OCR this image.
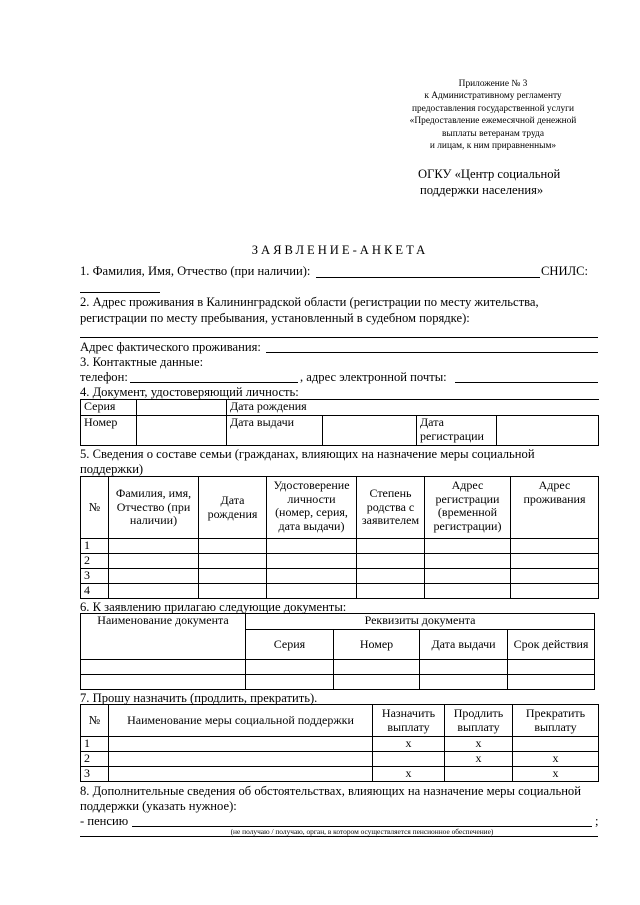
Приложение № 3
к Административному регламенту
предоставления государственной услуги
«Предоставление ежемесячной денежной
выплаты ветеранам труда
и лицам, к ним приравненным»
ОГКУ «Центр социальной
поддержки населения»
ЗАЯВЛЕНИЕ-АНКЕТА
1. Фамилия, Имя, Отчество (при наличии):	СНИЛС:
2. Адрес проживания в Калининградской области (регистрации по месту жительства,
регистрации по месту пребывания, установленный в судебном порядке):
Адрес фактического проживания:
3. Контактные данные:
телефон:	, адрес электронной почты:
4. Документ, удостоверяющий личность:
Серия		Дата рождения			
Номер		Дата выдачи		Дата регистрации	
5. Сведения о составе семьи (гражданах, влияющих на назначение меры социальной
поддержки)
№	Фамилия, имя, Отчество (при наличии)	Дата рождения	Удостоверение личности (номер, серия, дата выдачи)	Степень родства с заявителем	Адрес регистрации (временной регистрации)	Адрес проживания
1						
2						
3						
4						
6. К заявлению прилагаю следующие документы:
Наименование документа	Реквизиты документа			
	Серия	Номер	Дата выдачи	Срок действия

7. Прошу назначить (продлить, прекратить).
№	Наименование меры социальной поддержки	Назначить выплату	Продлить выплату	Прекратить выплату
1		x	x	
2			x	x
3		x		x
8. Дополнительные сведения об обстоятельствах, влияющих на назначение меры социальной
поддержки (указать нужное):
- пенсию	;
(не получаю / получаю, орган, в котором осуществляется пенсионное обеспечение)
